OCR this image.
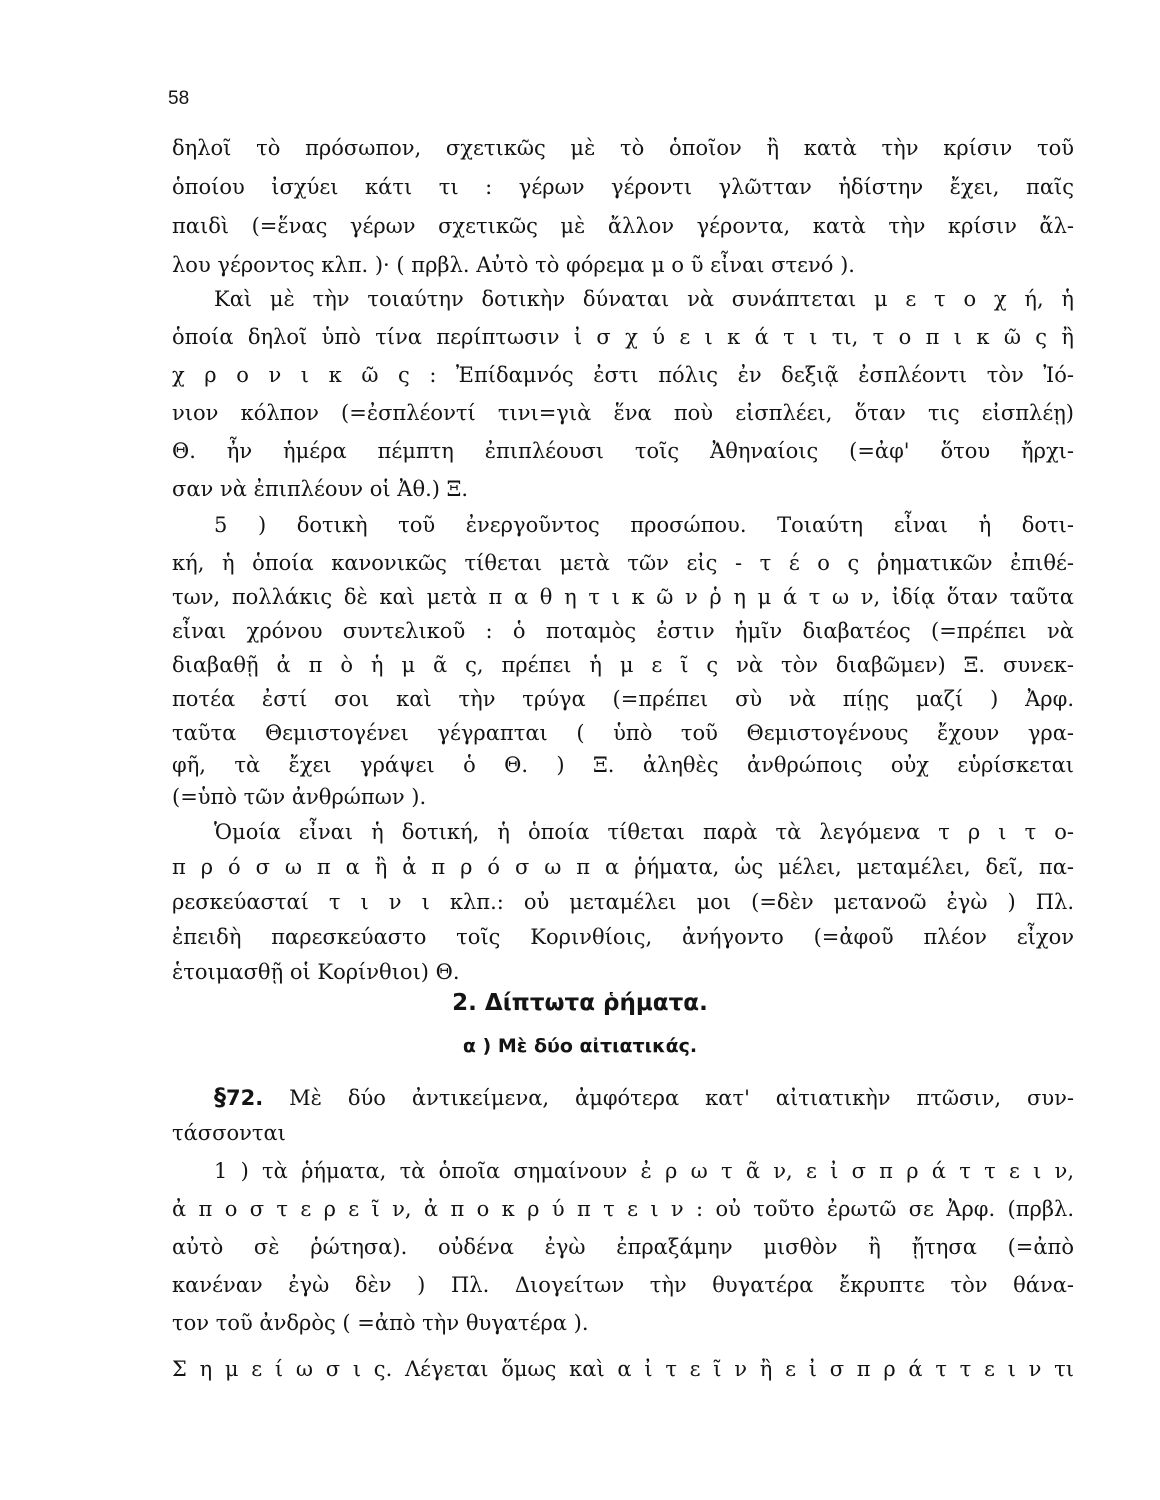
58
δηλοῖ τὸ πρόσωπον, σχετικῶς μὲ τὸ ὁποῖον ἢ κατὰ τὴν κρίσιν τοῦ
ὁποίου ἰσχύει κάτι τι : γέρων γέροντι γλῶτταν ἡδίστην ἔχει, παῖς
παιδὶ (=ἕνας γέρων σχετικῶς μὲ ἄλλον γέροντα, κατὰ τὴν κρίσιν ἄλ-
λου γέροντος κλπ. )· ( πρβλ. Αὐτὸ τὸ φόρεμα μ ο ῦ εἶναι στενό ).
Καὶ μὲ τὴν τοιαύτην δοτικὴν δύναται νὰ συνάπτεται μ ε τ ο χ ή, ἡ
ὁποία δηλοῖ ὑπὸ τίνα περίπτωσιν ἰ σ χ ύ ε ι κ ά τ ι τι, τ ο π ι κ ῶ ς ἢ
χ ρ ο ν ι κ ῶ ς : Ἐπίδαμνός ἐστι πόλις ἐν δεξιᾷ ἐσπλέοντι τὸν Ἰό-
νιον κόλπον (=ἐσπλέοντί τινι=γιὰ ἕνα ποὺ εἰσπλέει, ὅταν τις εἰσπλέῃ)
Θ. ἦν ἡμέρα πέμπτη ἐπιπλέουσι τοῖς Ἀθηναίοις (=ἀφ' ὅτου ἤρχι-
σαν νὰ ἐπιπλέουν οἱ Ἀθ.) Ξ.
5 ) δοτικὴ τοῦ ἐνεργοῦντος προσώπου. Τοιαύτη εἶναι ἡ δοτι-
κή, ἡ ὁποία κανονικῶς τίθεται μετὰ τῶν εἰς - τ έ ο ς ῥηματικῶν ἐπιθέ-
των, πολλάκις δὲ καὶ μετὰ π α θ η τ ι κ ῶ ν ῥ η μ ά τ ω ν, ἰδίᾳ ὅταν ταῦτα
εἶναι χρόνου συντελικοῦ : ὁ ποταμὸς ἐστιν ἡμῖν διαβατέος (=πρέπει νὰ
διαβαθῇ ἀ π ὸ ἡ μ ᾶ ς, πρέπει ἡ μ ε ῖ ς νὰ τὸν διαβῶμεν) Ξ. συνεκ-
ποτέα ἐστί σοι καὶ τὴν τρύγα (=πρέπει σὺ νὰ πίῃς μαζί ) Ἀρφ.
ταῦτα Θεμιστογένει γέγραπται ( ὑπὸ τοῦ Θεμιστογένους ἔχουν γρα-
φῆ, τὰ ἔχει γράψει ὁ Θ. ) Ξ. ἀληθὲς ἀνθρώποις οὐχ εὑρίσκεται
(=ὑπὸ τῶν ἀνθρώπων ).
Ὁμοία εἶναι ἡ δοτική, ἡ ὁποία τίθεται παρὰ τὰ λεγόμενα τ ρ ι τ ο-
π ρ ό σ ω π α ἢ ἀ π ρ ό σ ω π α ῥήματα, ὡς μέλει, μεταμέλει, δεῖ, πα-
ρεσκεύασταί τ ι ν ι κλπ.: οὐ μεταμέλει μοι (=δὲν μετανοῶ ἐγὼ ) Πλ.
2. Δίπτωτα ῥήματα.
α ) Μὲ δύο αἰτιατικάς.
§72. Μὲ δύο ἀντικείμενα, ἀμφότερα κατ' αἰτιατικὴν πτῶσιν, συν-
τάσσονται
1 ) τὰ ῥήματα, τὰ ὁποῖα σημαίνουν ἐ ρ ω τ ᾶ ν, ε ἰ σ π ρ ά τ τ ε ι ν,
ἀ π ο σ τ ε ρ ε ῖ ν, ἀ π ο κ ρ ύ π τ ε ι ν : οὐ τοῦτο ἐρωτῶ σε Ἀρφ. (πρβλ.
αὐτὸ σὲ ῥώτησα). οὐδένα ἐγὼ ἐπραξάμην μισθὸν ἢ ᾔτησα (=ἀπὸ
κανέναν ἐγὼ δὲν ) Πλ. Διογείτων τὴν θυγατέρα ἔκρυπτε τὸν θάνα-
τον τοῦ ἀνδρὸς ( =ἀπὸ τὴν θυγατέρα ).
Σ η μ ε ί ω σ ι ς. Λέγεται ὅμως καὶ α ἰ τ ε ῖ ν ἢ ε ἰ σ π ρ ά τ τ ε ι ν τι
ἐπειδὴ παρεσκεύαστο τοῖς Κορινθίοις, ἀνήγοντο (=ἀφοῦ πλέον εἶχον
ἑτοιμασθῇ οἱ Κορίνθιοι) Θ.
